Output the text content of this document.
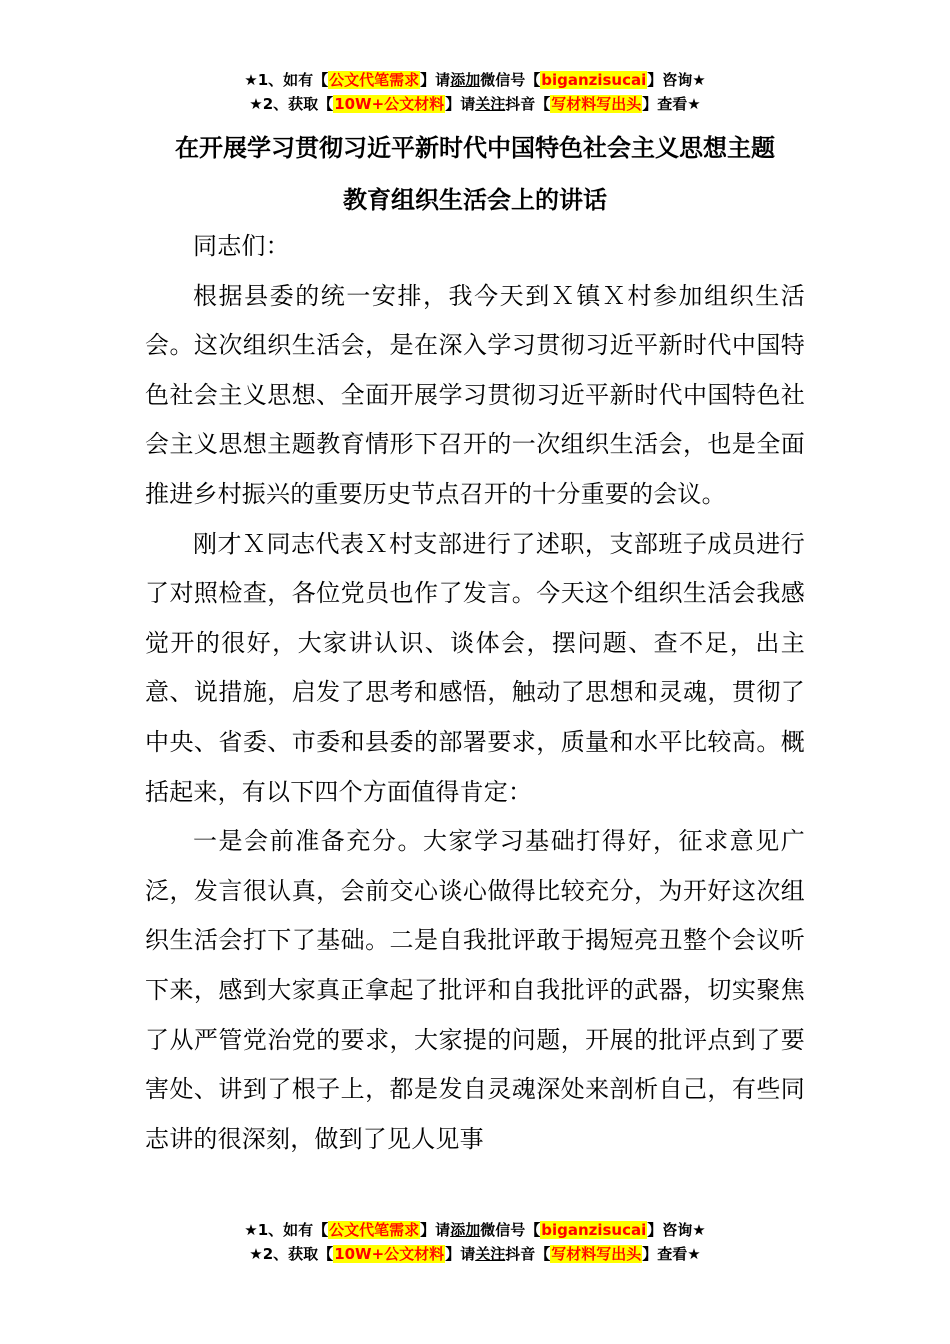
★1、如有【公文代笔需求】请添加微信号【biganzisucai】咨询★
★2、获取【10W+公文材料】请关注抖音【写材料写出头】查看★
在开展学习贯彻习近平新时代中国特色社会主义思想主题
教育组织生活会上的讲话

同志们：

根据县委的统一安排，我今天到Ｘ镇Ｘ村参加组织生活会。这次组织生活会，是在深入学习贯彻习近平新时代中国特色社会主义思想、全面开展学习贯彻习近平新时代中国特色社会主义思想主题教育情形下召开的一次组织生活会，也是全面推进乡村振兴的重要历史节点召开的十分重要的会议。

刚才Ｘ同志代表Ｘ村支部进行了述职，支部班子成员进行了对照检查，各位党员也作了发言。今天这个组织生活会我感觉开的很好，大家讲认识、谈体会，摆问题、查不足，出主意、说措施，启发了思考和感悟，触动了思想和灵魂，贯彻了中央、省委、市委和县委的部署要求，质量和水平比较高。概括起来，有以下四个方面值得肯定：

一是会前准备充分。大家学习基础打得好，征求意见广泛，发言很认真，会前交心谈心做得比较充分，为开好这次组织生活会打下了基础。二是自我批评敢于揭短亮丑整个会议听下来，感到大家真正拿起了批评和自我批评的武器，切实聚焦了从严管党治党的要求，大家提的问题，开展的批评点到了要害处、讲到了根子上，都是发自灵魂深处来剖析自己，有些同志讲的很深刻，做到了见人见事

★1、如有【公文代笔需求】请添加微信号【biganzisucai】咨询★
★2、获取【10W+公文材料】请关注抖音【写材料写出头】查看★
